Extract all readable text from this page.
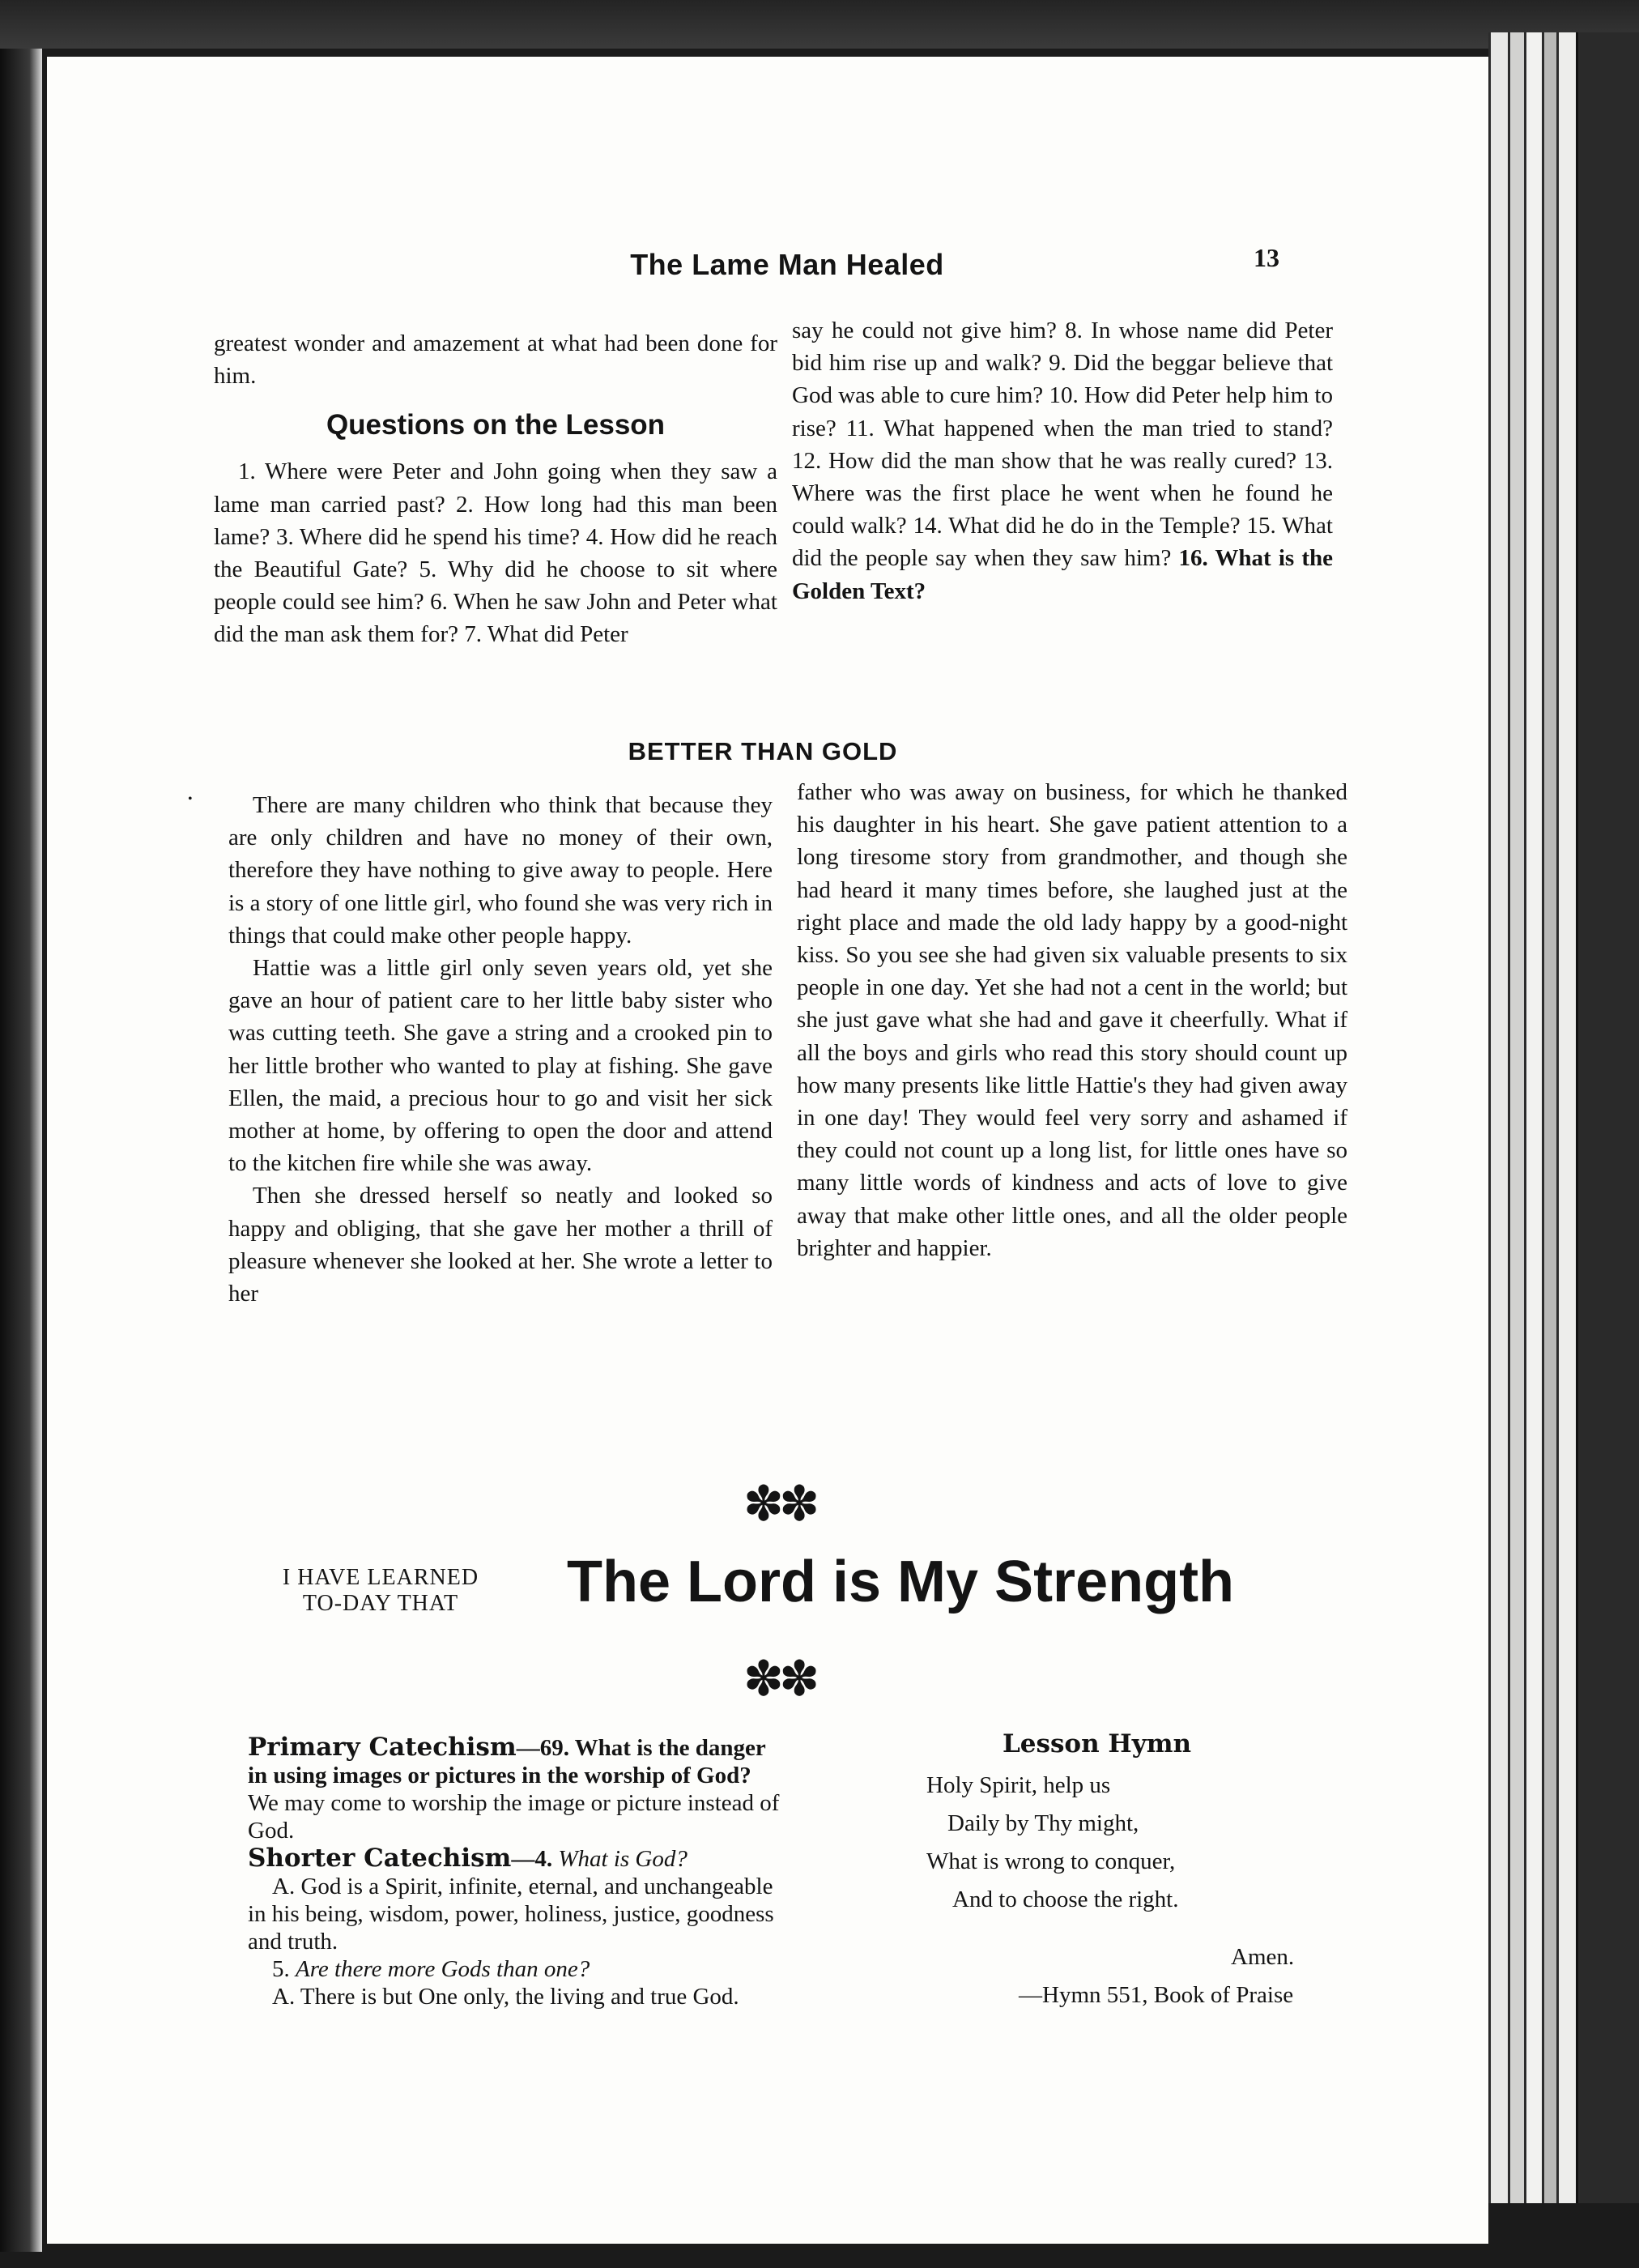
The Lame Man Healed	13

greatest wonder and amazement at what had been done for him.

Questions on the Lesson

1. Where were Peter and John going when they saw a lame man carried past? 2. How long had this man been lame? 3. Where did he spend his time? 4. How did he reach the Beautiful Gate? 5. Why did he choose to sit where people could see him? 6. When he saw John and Peter what did the man ask them for? 7. What did Peter

say he could not give him? 8. In whose name did Peter bid him rise up and walk? 9. Did the beggar believe that God was able to cure him? 10. How did Peter help him to rise? 11. What happened when the man tried to stand? 12. How did the man show that he was really cured? 13. Where was the first place he went when he found he could walk? 14. What did he do in the Temple? 15. What did the people say when they saw him? 16. What is the Golden Text?

BETTER THAN GOLD
•	There are many children who think that because they are only children and have no money of their own, therefore they have nothing to give away to people. Here is a story of one little girl, who found she was very rich in things that could make other people happy.

Hattie was a little girl only seven years old, yet she gave an hour of patient care to her little baby sister who was cutting teeth. She gave a string and a crooked pin to her little brother who wanted to play at fishing. She gave Ellen, the maid, a precious hour to go and visit her sick mother at home, by offering to open the door and attend to the kitchen fire while she was away.

Then she dressed herself so neatly and looked so happy and obliging, that she gave her mother a thrill of pleasure whenever she looked at her. She wrote a letter to her

father who was away on business, for which he thanked his daughter in his heart. She gave patient attention to a long tiresome story from grandmother, and though she had heard it many times before, she laughed just at the right place and made the old lady happy by a good-night kiss. So you see she had given six valuable presents to six people in one day. Yet she had not a cent in the world; but she just gave what she had and gave it cheerfully. What if all the boys and girls who read this story should count up how many presents like little Hattie's they had given away in one day! They would feel very sorry and ashamed if they could not count up a long list, for little ones have so many little words of kindness and acts of love to give away that make other little ones, and all the older people brighter and happier.

✽✽
I HAVE LEARNED
TO-DAY THAT	The Lord is My Strength
✽✽

Primary Catechism—69. What is the danger in using images or pictures in the worship of God? We may come to worship the image or picture instead of God.

Shorter Catechism—4. What is God?

A. God is a Spirit, infinite, eternal, and unchangeable in his being, wisdom, power, holiness, justice, goodness and truth.

5. Are there more Gods than one?

A. There is but One only, the living and true God.

Lesson Hymn
Holy Spirit, help us
Daily by Thy might,
What is wrong to conquer,
And to choose the right.
Amen.
—Hymn 551, Book of Praise
